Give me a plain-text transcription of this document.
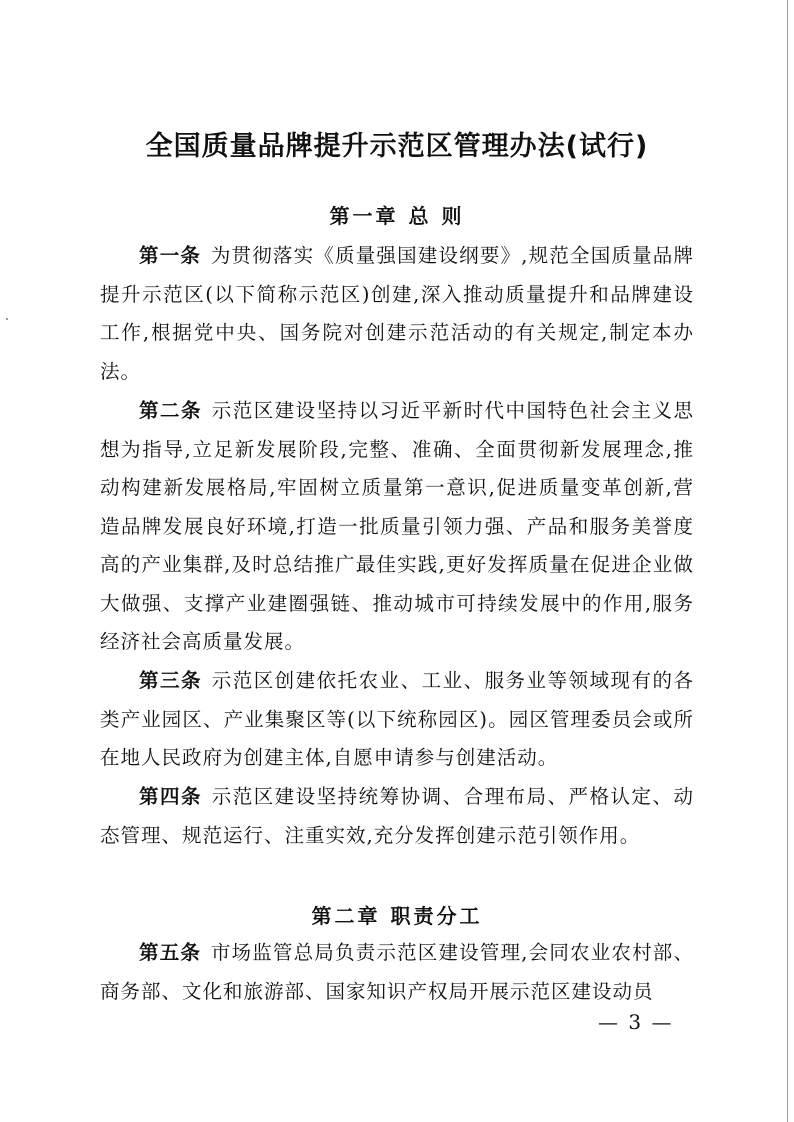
全国质量品牌提升示范区管理办法(试行)
第一章 总 则

第一条 为贯彻落实《质量强国建设纲要》,规范全国质量品牌提升示范区(以下简称示范区)创建,深入推动质量提升和品牌建设工作,根据党中央、国务院对创建示范活动的有关规定,制定本办法。

第二条 示范区建设坚持以习近平新时代中国特色社会主义思想为指导,立足新发展阶段,完整、准确、全面贯彻新发展理念,推动构建新发展格局,牢固树立质量第一意识,促进质量变革创新,营造品牌发展良好环境,打造一批质量引领力强、产品和服务美誉度高的产业集群,及时总结推广最佳实践,更好发挥质量在促进企业做大做强、支撑产业建圈强链、推动城市可持续发展中的作用,服务经济社会高质量发展。

第三条 示范区创建依托农业、工业、服务业等领域现有的各类产业园区、产业集聚区等(以下统称园区)。园区管理委员会或所在地人民政府为创建主体,自愿申请参与创建活动。

第四条 示范区建设坚持统筹协调、合理布局、严格认定、动态管理、规范运行、注重实效,充分发挥创建示范引领作用。

第二章 职责分工

第五条 市场监管总局负责示范区建设管理,会同农业农村部、商务部、文化和旅游部、国家知识产权局开展示范区建设动员

— 3 —
